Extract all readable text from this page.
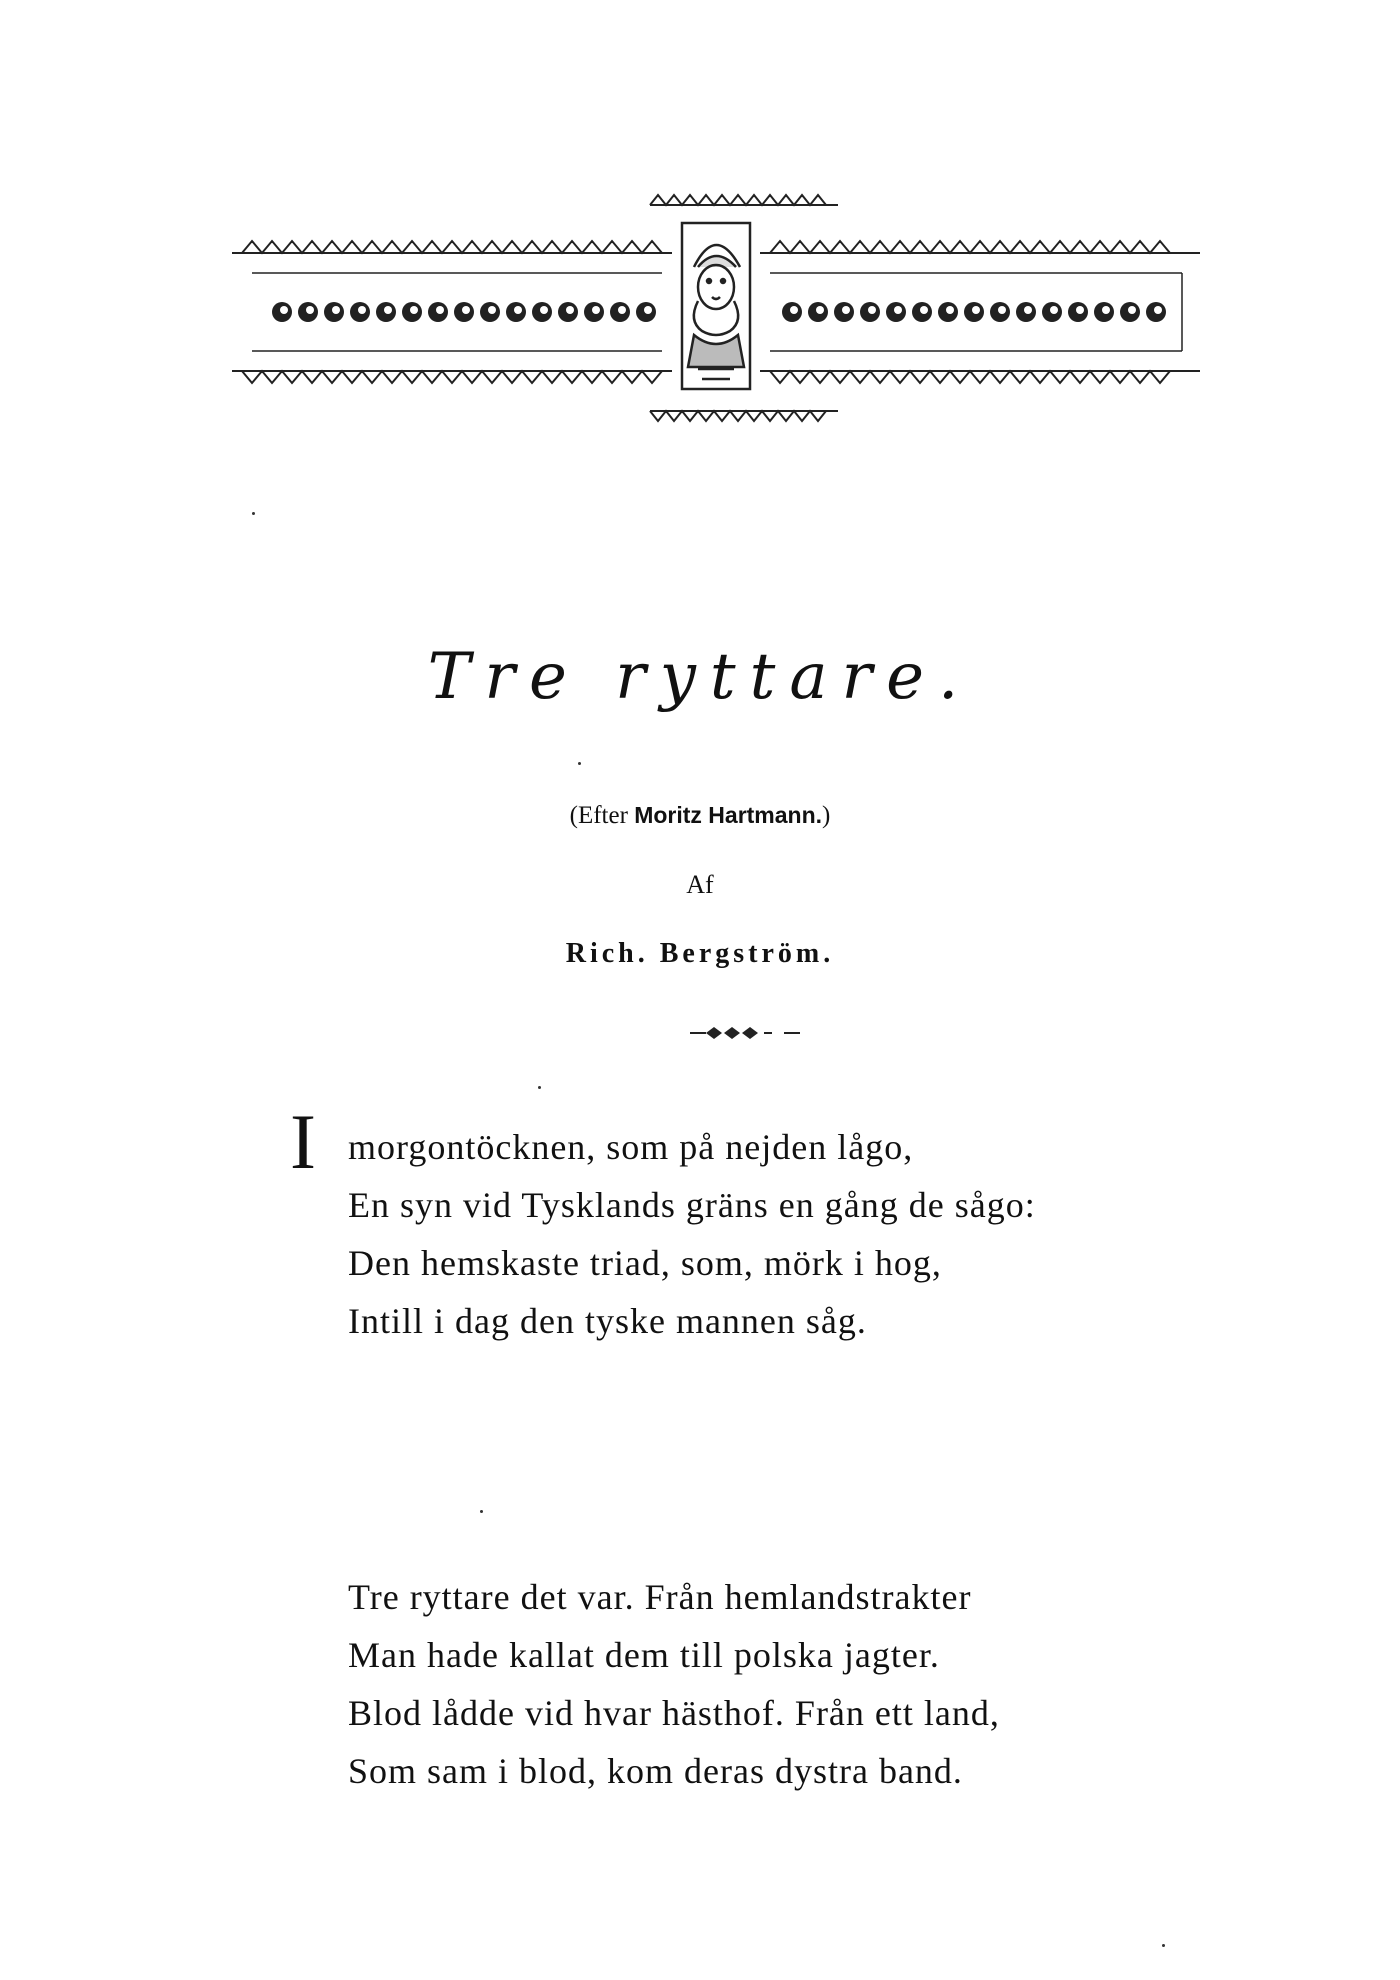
Tre ryttare.
(Efter Moritz Hartmann.)
Af
Rich. Bergström.
I morgontöcknen, som på nejden lågo,
En syn vid Tysklands gräns en gång de sågo:
Den hemskaste triad, som, mörk i hog,
Intill i dag den tyske mannen såg.
Tre ryttare det var. Från hemlandstrakter
Man hade kallat dem till polska jagter.
Blod lådde vid hvar hästhof. Från ett land,
Som sam i blod, kom deras dystra band.
